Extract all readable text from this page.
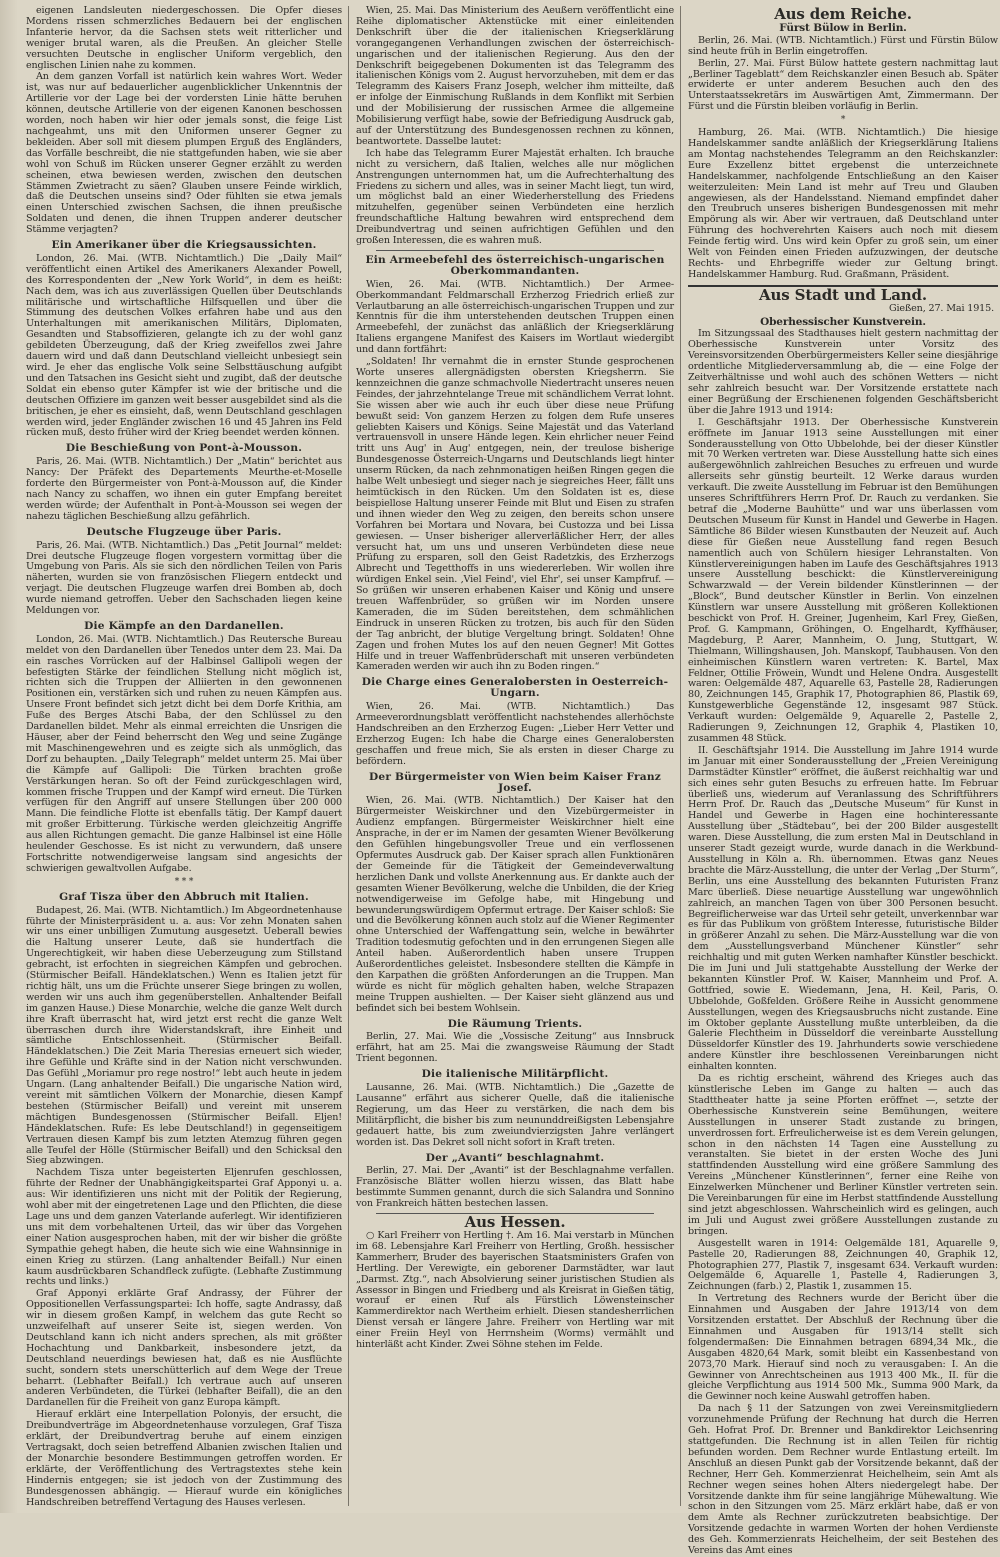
eigenen Landsleuten niedergeschossen. Die Opfer dieses Mordens rissen schmerzliches Bedauern bei der englischen Infanterie hervor, da die Sachsen stets weit ritterlicher und weniger brutal waren, als die Preußen. An gleicher Stelle versuchten Deutsche in englischer Uniform vergeblich, den englischen Linien nahe zu kommen.

An dem ganzen Vorfall ist natürlich kein wahres Wort. Weder ist, was nur auf bedauerlicher augenblicklicher Unkenntnis der Artillerie vor der Lage bei der vordersten Linie hätte beruhen können, deutsche Artillerie von der eigenen Kanonen beschossen worden, noch haben wir hier oder jemals sonst, die feige List nachgeahmt, uns mit den Uniformen unserer Gegner zu bekleiden. Aber soll mit diesem plumpen Erguß des Engländers, das Vorfälle beschreibt, die nie stattgefunden haben, wie sie aber wohl von Schuß im Rücken unserer Gegner erzählt zu werden scheinen, etwa bewiesen werden, zwischen den deutschen Stämmen Zwietracht zu säen? Glauben unsere Feinde wirklich, daß die Deutschen unseins sind? Oder fühlten sie etwa jemals einen Unterschied zwischen Sachsen, die ihnen preußische Soldaten und denen, die ihnen Truppen anderer deutscher Stämme verjagten?

Ein Amerikaner über die Kriegsaussichten.

London, 26. Mai. (WTB. Nichtamtlich.) Die „Daily Mail“ veröffentlicht einen Artikel des Amerikaners Alexander Powell, des Korrespondenten der „New York World“, in dem es heißt: Nach dem, was ich aus zuverlässigen Quellen über Deutschlands militärische und wirtschaftliche Hilfsquellen und über die Stimmung des deutschen Volkes erfahren habe und aus den Unterhaltungen mit amerikanischen Militärs, Diplomaten, Gesandten und Stabsoffizieren, gelangte ich zu der wohl ganz gebildeten Überzeugung, daß der Krieg zweifellos zwei Jahre dauern wird und daß dann Deutschland vielleicht unbesiegt sein wird. Je eher das englische Volk seine Selbsttäuschung aufgibt und den Tatsachen ins Gesicht sieht und zugibt, daß der deutsche Soldat ein ebenso guter Kämpfer ist wie der britische und die deutschen Offiziere im ganzen weit besser ausgebildet sind als die britischen, je eher es einsieht, daß, wenn Deutschland geschlagen werden wird, jeder Engländer zwischen 16 und 45 Jahren ins Feld rücken muß, desto früher wird der Krieg beendet werden können.

Die Beschießung von Pont-à-Mousson.

Paris, 26. Mai. (WTB. Nichtamtlich.) Der „Matin“ berichtet aus Nancy: Der Präfekt des Departements Meurthe-et-Moselle forderte den Bürgermeister von Pont-à-Mousson auf, die Kinder nach Nancy zu schaffen, wo ihnen ein guter Empfang bereitet werden würde; der Aufenthalt in Pont-à-Mousson sei wegen der nahezu täglichen Beschießung allzu gefährlich.

Deutsche Flugzeuge über Paris.

Paris, 26. Mai. (WTB. Nichtamtlich.) Das „Petit Journal“ meldet: Drei deutsche Flugzeuge flogen vorgestern vormittag über die Umgebung von Paris. Als sie sich den nördlichen Teilen von Paris näherten, wurden sie von französischen Fliegern entdeckt und verjagt. Die deutschen Flugzeuge warfen drei Bomben ab, doch wurde niemand getroffen. Ueber den Sachschaden liegen keine Meldungen vor.

Die Kämpfe an den Dardanellen.

London, 26. Mai. (WTB. Nichtamtlich.) Das Reutersche Bureau meldet von den Dardanellen über Tenedos unter dem 23. Mai. Da ein rasches Vorrücken auf der Halbinsel Gallipoli wegen der befestigten Stärke der feindlichen Stellung nicht möglich ist, richten sich die Truppen der Alliierten in den gewonnenen Positionen ein, verstärken sich und ruhen zu neuen Kämpfen aus. Unsere Front befindet sich jetzt dicht bei dem Dorfe Krithia, am Fuße des Berges Atschi Baba, der den Schlüssel zu den Dardanellen bildet. Mehr als einmal erreichten die Unsrigen die Häuser, aber der Feind beherrscht den Weg und seine Zugänge mit Maschinengewehren und es zeigte sich als unmöglich, das Dorf zu behaupten. „Daily Telegraph“ meldet unterm 25. Mai über die Kämpfe auf Gallipoli: Die Türken brachten große Verstärkungen heran. So oft der Feind zurückgeschlagen wird, kommen frische Truppen und der Kampf wird erneut. Die Türken verfügen für den Angriff auf unsere Stellungen über 200 000 Mann. Die feindliche Flotte ist ebenfalls tätig. Der Kampf dauert mit großer Erbitterung. Türkische werden gleichzeitig Angriffe aus allen Richtungen gemacht. Die ganze Halbinsel ist eine Hölle heulender Geschosse. Es ist nicht zu verwundern, daß unsere Fortschritte notwendigerweise langsam sind angesichts der schwierigen gewaltvollen Aufgabe.

* * *
Graf Tisza über den Abbruch mit Italien.

Budapest, 26. Mai. (WTB. Nichtamtlich.) Im Abgeordnetenhause führte der Ministerpräsident u. a. aus: Vor zehn Monaten sahen wir uns einer unbilligen Zumutung ausgesetzt. Ueberall bewies die Haltung unserer Leute, daß sie hundertfach die Ungerechtigkeit, wir haben diese Ueberzeugung zum Stillstand gebracht, ist erfochten in siegreichen Kämpfen und gebrochen. (Stürmischer Beifall. Händeklatschen.) Wenn es Italien jetzt für richtig hält, uns um die Früchte unserer Siege bringen zu wollen, werden wir uns auch ihm gegenüberstellen. Anhaltender Beifall im ganzen Hause.) Diese Monarchie, welche die ganze Welt durch ihre Kraft überrascht hat, wird jetzt erst recht die ganze Welt überraschen durch ihre Widerstandskraft, ihre Einheit und sämtliche Entschlossenheit. (Stürmischer Beifall. Händeklatschen.) Die Zeit Maria Theresias erneuert sich wieder, ihre Gefühle und Kräfte sind in der Nation nicht verschwunden. Das Gefühl „Moriamur pro rege nostro!“ lebt auch heute in jedem Ungarn. (Lang anhaltender Beifall.) Die ungarische Nation wird, vereint mit sämtlichen Völkern der Monarchie, diesen Kampf bestehen (Stürmischer Beifall) und vereint mit unserem mächtigen Bundesgenossen (Stürmischer Beifall. Eljen! Händeklatschen. Rufe: Es lebe Deutschland!) in gegenseitigem Vertrauen diesen Kampf bis zum letzten Atemzug führen gegen alle Teufel der Hölle (Stürmischer Beifall) und den Schicksal den Sieg abzwingen.

Nachdem Tisza unter begeisterten Eljenrufen geschlossen, führte der Redner der Unabhängigkeitspartei Graf Apponyi u. a. aus: Wir identifizieren uns nicht mit der Politik der Regierung, wohl aber mit der eingetretenen Lage und den Pflichten, die diese Lage uns und dem ganzen Vaterlande auferlegt. Wir identifizieren uns mit dem vorbehaltenen Urteil, das wir über das Vorgehen einer Nation ausgesprochen haben, mit der wir bisher die größte Sympathie gehegt haben, die heute sich wie eine Wahnsinnige in einen Krieg zu stürzen. (Lang anhaltender Beifall.) Nur einen kaum ausdrückbaren Schandfleck zufügte. (Lebhafte Zustimmung rechts und links.)

Graf Apponyi erklärte Graf Andrassy, der Führer der Oppositionellen Verfassungspartei: Ich hoffe, sagte Andrassy, daß wir in diesem großen Kampf, in welchem das gute Recht so unzweifelhaft auf unserer Seite ist, siegen werden. Von Deutschland kann ich nicht anders sprechen, als mit größter Hochachtung und Dankbarkeit, insbesondere jetzt, da Deutschland neuerdings bewiesen hat, daß es nie Ausflüchte sucht, sondern stets unerschütterlich auf dem Wege der Treue beharrt. (Lebhafter Beifall.) Ich vertraue auch auf unseren anderen Verbündeten, die Türkei (lebhafter Beifall), die an den Dardanellen für die Freiheit von ganz Europa kämpft.

Hierauf erklärt eine Interpellation Polonyis, der ersucht, die Dreibundverträge im Abgeordnetenhause vorzulegen, Graf Tisza erklärt, der Dreibundvertrag beruhe auf einem einzigen Vertragsakt, doch seien betreffend Albanien zwischen Italien und der Monarchie besondere Bestimmungen getroffen worden. Er erklärte, der Veröffentlichung des Vertragstextes stehe kein Hindernis entgegen; sie ist jedoch von der Zustimmung des Bundesgenossen abhängig. — Hierauf wurde ein königliches Handschreiben betreffend Vertagung des Hauses verlesen.

Wien, 25. Mai. Das Ministerium des Aeußern veröffentlicht eine Reihe diplomatischer Aktenstücke mit einer einleitenden Denkschrift über die der italienischen Kriegserklärung vorangegangenen Verhandlungen zwischen der österreichisch-ungarischen und der italienischen Regierung. Aus den der Denkschrift beigegebenen Dokumenten ist das Telegramm des italienischen Königs vom 2. August hervorzuheben, mit dem er das Telegramm des Kaisers Franz Joseph, welcher ihm mitteilte, daß er infolge der Einmischung Rußlands in dem Konflikt mit Serbien und der Mobilisierung der russischen Armee die allgemeine Mobilisierung verfügt habe, sowie der Befriedigung Ausdruck gab, auf der Unterstützung des Bundesgenossen rechnen zu können, beantwortete. Dasselbe lautet:

Ich habe das Telegramm Eurer Majestät erhalten. Ich brauche nicht zu versichern, daß Italien, welches alle nur möglichen Anstrengungen unternommen hat, um die Aufrechterhaltung des Friedens zu sichern und alles, was in seiner Macht liegt, tun wird, um möglichst bald an einer Wiederherstellung des Friedens mitzuhelfen, gegenüber seinen Verbündeten eine herzlich freundschaftliche Haltung bewahren wird entsprechend dem Dreibundvertrag und seinen aufrichtigen Gefühlen und den großen Interessen, die es wahren muß.

Ein Armeebefehl des österreichisch-ungarischen Oberkommandanten.

Wien, 26. Mai. (WTB. Nichtamtlich.) Der Armee-Oberkommandant Feldmarschall Erzherzog Friedrich erließ zur Verlautbarung an alle österreichisch-ungarischen Truppen und zur Kenntnis für die ihm unterstehenden deutschen Truppen einen Armeebefehl, der zunächst das anläßlich der Kriegserklärung Italiens ergangene Manifest des Kaisers im Wortlaut wiedergibt und dann fortfährt:

„Soldaten! Ihr vernahmt die in ernster Stunde gesprochenen Worte unseres allergnädigsten obersten Kriegsherrn. Sie kennzeichnen die ganze schmachvolle Niedertracht unseres neuen Feindes, der jahrzehntelange Treue mit schändlichem Verrat lohnt. Sie wissen aber wie auch ihr euch über diese neue Prüfung bewußt seid: Von ganzem Herzen zu folgen dem Rufe unseres geliebten Kaisers und Königs. Seine Majestät und das Vaterland vertrauensvoll in unsere Hände legen. Kein ehrlicher neuer Feind tritt uns Aug' in Aug' entgegen, nein, der treulose bisherige Bundesgenosse Österreich-Ungarns und Deutschlands liegt hinter unserm Rücken, da nach zehnmonatigen heißen Ringen gegen die halbe Welt unbesiegt und sieger nach je siegreiches Heer, fällt uns heimtückisch in den Rücken. Um den Soldaten ist es, diese beispiellose Haltung unserer Feinde mit Blut und Eisen zu strafen und ihnen wieder den Weg zu zeigen, den bereits schon unsere Vorfahren bei Mortara und Novara, bei Custozza und bei Lissa gewiesen. — Unser bisheriger allerverläßlicher Herr, der alles versucht hat, um uns und unseren Verbündeten diese neue Prüfung zu ersparen, soll den Geist Radetzkis, des Erzherzogs Albrecht und Tegetthoffs in uns wiedererleben. Wir wollen ihre würdigen Enkel sein. ‚Viel Feind', viel Ehr', sei unser Kampfruf. — So grüßen wir unseren erhabenen Kaiser und König und unsere treuen Waffenbrüder, so grüßen wir im Norden unsere Kameraden, die im Süden bereitstehen, dem schmählichen Eindruck in unseren Rücken zu trotzen, bis auch für den Süden der Tag anbricht, der blutige Vergeltung bringt. Soldaten! Ohne Zagen und frohen Mutes los auf den neuen Gegner! Mit Gottes Hilfe und in treuer Waffenbrüderschaft mit unseren verbündeten Kameraden werden wir auch ihn zu Boden ringen.“

Die Charge eines Generalobersten in Oesterreich-Ungarn.

Wien, 26. Mai. (WTB. Nichtamtlich.) Das Armeeverordnungsblatt veröffentlicht nachstehendes allerhöchste Handschreiben an den Erzherzog Eugen: „Lieber Herr Vetter und Erzherzog Eugen: Ich habe die Charge eines Generalobersten geschaffen und freue mich, Sie als ersten in dieser Charge zu befördern.

Der Bürgermeister von Wien beim Kaiser Franz Josef.

Wien, 26. Mai. (WTB. Nichtamtlich.) Der Kaiser hat den Bürgermeister Weiskirchner und den Vizebürgermeister in Audienz empfangen. Bürgermeister Weiskirchner hielt eine Ansprache, in der er im Namen der gesamten Wiener Bevölkerung den Gefühlen hingebungsvoller Treue und ein verflossenen Opfermutes Ausdruck gab. Der Kaiser sprach allen Funktionären der Gemeinde für die Tätigkeit der Gemeindeverwaltung herzlichen Dank und vollste Anerkennung aus. Er dankte auch der gesamten Wiener Bevölkerung, welche die Unbilden, die der Krieg notwendigerweise im Gefolge habe, mit Hingebung und bewunderungswürdigem Opfermut ertrage. Der Kaiser schloß: Sie und die Bevölkerung können auch stolz auf die Wiener Regimenter ohne Unterschied der Waffengattung sein, welche in bewährter Tradition todesmutig gefochten und in den errungenen Siegen alle Anteil haben. Außerordentlich haben unsere Truppen Außerordentliches geleistet. Insbesondere stellten die Kämpfe in den Karpathen die größten Anforderungen an die Truppen. Man würde es nicht für möglich gehalten haben, welche Strapazen meine Truppen aushielten. — Der Kaiser sieht glänzend aus und befindet sich bei bestem Wohlsein.

Die Räumung Trients.

Berlin, 27. Mai. Wie die „Vossische Zeitung“ aus Innsbruck erfährt, hat am 25. Mai die zwangsweise Räumung der Stadt Trient begonnen.

Die italienische Militärpflicht.

Lausanne, 26. Mai. (WTB. Nichtamtlich.) Die „Gazette de Lausanne“ erfährt aus sicherer Quelle, daß die italienische Regierung, um das Heer zu verstärken, die nach dem bis Militärpflicht, die bisher bis zum neununddreißigsten Lebensjahre gedauert hatte, bis zum zweiundvierzigsten Jahre verlängert worden ist. Das Dekret soll nicht sofort in Kraft treten.

Der „Avanti“ beschlagnahmt.

Berlin, 27. Mai. Der „Avanti“ ist der Beschlagnahme verfallen. Französische Blätter wollen hierzu wissen, das Blatt habe bestimmte Summen genannt, durch die sich Salandra und Sonnino von Frankreich hätten bestechen lassen.

Aus Hessen.

○ Karl Freiherr von Hertling †. Am 16. Mai verstarb in München im 68. Lebensjahre Karl Freiherr von Hertling, Großh. hessischer Kammerherr, Bruder des bayerischen Staatsministers Grafen von Hertling. Der Verewigte, ein geborener Darmstädter, war laut „Darmst. Ztg.“, nach Absolvierung seiner juristischen Studien als Assessor in Bingen und Friedberg und als Kreisrat in Gießen tätig, worauf er einen Ruf als Fürstlich Löwensteinscher Kammerdirektor nach Wertheim erhielt. Diesen standesherrlichen Dienst versah er längere Jahre. Freiherr von Hertling war mit einer Freiin Heyl von Herrnsheim (Worms) vermählt und hinterläßt acht Kinder. Zwei Söhne stehen im Felde.

Aus dem Reiche.
Fürst Bülow in Berlin.

Berlin, 26. Mai. (WTB. Nichtamtlich.) Fürst und Fürstin Bülow sind heute früh in Berlin eingetroffen.

Berlin, 27. Mai. Fürst Bülow hattete gestern nachmittag laut „Berliner Tageblatt“ dem Reichskanzler einen Besuch ab. Später erwiderte er unter anderem Besuchen auch den des Unterstaatssekretärs im Auswärtigen Amt, Zimmermann. Der Fürst und die Fürstin bleiben vorläufig in Berlin.

*

Hamburg, 26. Mai. (WTB. Nichtamtlich.) Die hiesige Handelskammer sandte anläßlich der Kriegserklärung Italiens am Montag nachstehendes Telegramm an den Reichskanzler: Eure Exzellenz bittet ergebenst die unterzeichnete Handelskammer, nachfolgende Entschließung an den Kaiser weiterzuleiten: Mein Land ist mehr auf Treu und Glauben angewiesen, als der Handelsstand. Niemand empfindet daher den Treubruch unseres bisherigen Bundesgenossen mit mehr Empörung als wir. Aber wir vertrauen, daß Deutschland unter Führung des hochverehrten Kaisers auch noch mit diesem Feinde fertig wird. Uns wird kein Opfer zu groß sein, um einer Welt von Feinden einen Frieden aufzuzwingen, der deutsche Rechts- und Ehrbegriffe wieder zur Geltung bringt. Handelskammer Hamburg. Rud. Graßmann, Präsident.

Aus Stadt und Land.
Gießen, 27. Mai 1915.
Oberhessischer Kunstverein.

Im Sitzungssaal des Stadthauses hielt gestern nachmittag der Oberhessische Kunstverein unter Vorsitz des Vereinsvorsitzenden Oberbürgermeisters Keller seine diesjährige ordentliche Mitgliederversammlung ab, die — eine Folge der Zeitverhältnisse und wohl auch des schönen Wetters — nicht sehr zahlreich besucht war. Der Vorsitzende erstattete nach einer Begrüßung der Erschienenen folgenden Geschäftsbericht über die Jahre 1913 und 1914:

I. Geschäftsjahr 1913. Der Oberhessische Kunstverein eröffnete im Januar 1913 seine Ausstellungen mit einer Sonderausstellung von Otto Ubbelohde, bei der dieser Künstler mit 70 Werken vertreten war. Diese Ausstellung hatte sich eines außergewöhnlich zahlreichen Besuches zu erfreuen und wurde allerseits sehr günstig beurteilt. 12 Werke daraus wurden verkauft. Die zweite Ausstellung im Februar ist den Bemühungen unseres Schriftführers Herrn Prof. Dr. Rauch zu verdanken. Sie betraf die „Moderne Bauhütte“ und war uns überlassen vom Deutschen Museum für Kunst in Handel und Gewerbe in Hagen. Sämtliche 86 Bilder wiesen Kunstbauten der Neuzeit auf. Auch diese für Gießen neue Ausstellung fand regen Besuch namentlich auch von Schülern hiesiger Lehranstalten. Von Künstlervereinigungen haben im Laufe des Geschäftsjahres 1913 unsere Ausstellung beschickt: die Künstlervereinigung Schwarzwald — der Verein bildender Künstlerinnen — der „Block“, Bund deutscher Künstler in Berlin. Von einzelnen Künstlern war unsere Ausstellung mit größeren Kollektionen beschickt von Prof. H. Greiner, Jugenheim, Karl Frey, Gießen, Prof. G. Kampmann, Gröhingen, O. Engelhardt, Kyffhäuser, Magdeburg, P. Aarer, Mannheim, O. Jung, Stuttgart, W. Thielmann, Willingshausen, Joh. Manskopf, Taubhausen. Von den einheimischen Künstlern waren vertreten: K. Bartel, Max Feldner, Ottilie Fröwein, Wundt und Helene Ondra. Ausgestellt waren: Oelgemälde 487, Aquarelle 63, Pastelle 28, Radierungen 80, Zeichnungen 145, Graphik 17, Photographien 86, Plastik 69, Kunstgewerbliche Gegenstände 12, insgesamt 987 Stück. Verkauft wurden: Oelgemälde 9, Aquarelle 2, Pastelle 2, Radierungen 9, Zeichnungen 12, Graphik 4, Plastiken 10, zusammen 48 Stück.

II. Geschäftsjahr 1914. Die Ausstellung im Jahre 1914 wurde im Januar mit einer Sonderausstellung der „Freien Vereinigung Darmstädter Künstler“ eröffnet, die äußerst reichhaltig war und sich eines sehr guten Besuchs zu erfreuen hatte. Im Februar überließ uns, wiederum auf Veranlassung des Schriftführers Herrn Prof. Dr. Rauch das „Deutsche Museum“ für Kunst in Handel und Gewerbe in Hagen eine hochinteressante Ausstellung über „Städtebau“, bei der 200 Bilder ausgestellt waren. Diese Ausstellung, die zum ersten Mal in Deutschland in unserer Stadt gezeigt wurde, wurde danach in die Werkbund-Ausstellung in Köln a. Rh. übernommen. Etwas ganz Neues brachte die März-Ausstellung, die unter der Verlag „Der Sturm“, Berlin, uns eine Ausstellung des bekannten Futuristen Franz Marc überließ. Diese neuartige Ausstellung war ungewöhnlich zahlreich, an manchen Tagen von über 300 Personen besucht. Begreiflicherweise war das Urteil sehr geteilt, unverkennbar war es für das Publikum von größtem Interesse, futuristische Bilder in größerer Anzahl zu sehen. Die März-Ausstellung war die von dem „Ausstellungsverband Münchener Künstler“ sehr reichhaltig und mit guten Werken namhafter Künstler beschickt. Die im Juni und Juli stattgehabte Ausstellung der Werke der bekannten Künstler Prof. W. Kaiser, Mannheim und Prof. A. Gottfried, sowie E. Wiedemann, Jena, H. Keil, Paris, O. Ubbelohde, Goßfelden. Größere Reihe in Aussicht genommene Ausstellungen, wegen des Kriegsausbruchs nicht zustande. Eine im Oktober geplante Ausstellung mußte unterbleiben, da die Galerie Flechtheim in Düsseldorf die vereinbarte Ausstellung Düsseldorfer Künstler des 19. Jahrhunderts sowie verschiedene andere Künstler ihre beschlossenen Vereinbarungen nicht einhalten konnten.

Da es richtig erscheint, während des Krieges auch das künstlerische Leben im Gange zu halten — auch das Stadttheater hatte ja seine Pforten eröffnet —, setzte der Oberhessische Kunstverein seine Bemühungen, weitere Ausstellungen in unserer Stadt zustande zu bringen, unverdrossen fort. Erfreulicherweise ist es dem Verein gelungen, schon in den nächsten 14 Tagen eine Ausstellung zu veranstalten. Sie bietet in der ersten Woche des Juni stattfindenden Ausstellung wird eine größere Sammlung des Vereins „Münchener Künstlerinnen“, ferner eine Reihe von Einzelwerken Münchener und Berliner Künstler vertreten sein. Die Vereinbarungen für eine im Herbst stattfindende Ausstellung sind jetzt abgeschlossen. Wahrscheinlich wird es gelingen, auch im Juli und August zwei größere Ausstellungen zustande zu bringen.

Ausgestellt waren in 1914: Oelgemälde 181, Aquarelle 9, Pastelle 20, Radierungen 88, Zeichnungen 40, Graphik 12, Photographien 277, Plastik 7, insgesamt 634. Verkauft wurden: Oelgemälde 6, Aquarelle 1, Pastelle 4, Radierungen 3, Zeichnungen (farb.) 2, Plastik 1, zusammen 15.

In Vertretung des Rechners wurde der Bericht über die Einnahmen und Ausgaben der Jahre 1913/14 von dem Vorsitzenden erstattet. Der Abschluß der Rechnung über die Einnahmen und Ausgaben für 1913/14 stellt sich folgendermaßen: Die Einnahmen betragen 6894,34 Mk., die Ausgaben 4820,64 Mark, somit bleibt ein Kassenbestand von 2073,70 Mark. Hierauf sind noch zu verausgaben: I. An die Gewinner von Anrechtscheinen aus 1913 400 Mk., II. für die gleiche Verpflichtung aus 1914 500 Mk., Summa 900 Mark, da die Gewinner noch keine Auswahl getroffen haben.

Da nach § 11 der Satzungen von zwei Vereinsmitgliedern vorzunehmende Prüfung der Rechnung hat durch die Herren Geh. Hofrat Prof. Dr. Brenner und Bankdirektor Leichsenring stattgefunden. Die Rechnung ist in allen Teilen für richtig befunden worden. Dem Rechner wurde Entlastung erteilt. Im Anschluß an diesen Punkt gab der Vorsitzende bekannt, daß der Rechner, Herr Geh. Kommerzienrat Heichelheim, sein Amt als Rechner wegen seines hohen Alters niedergelegt habe. Der Vorsitzende dankte ihm für seine langjährige Mühewaltung. Wie schon in den Sitzungen vom 25. März erklärt habe, daß er von dem Amte als Rechner zurückzutreten beabsichtige. Der Vorsitzende gedachte in warmen Worten der hohen Verdienste des Geh. Kommerzienrats Heichelheim, der seit Bestehen des Vereins das Amt eines
